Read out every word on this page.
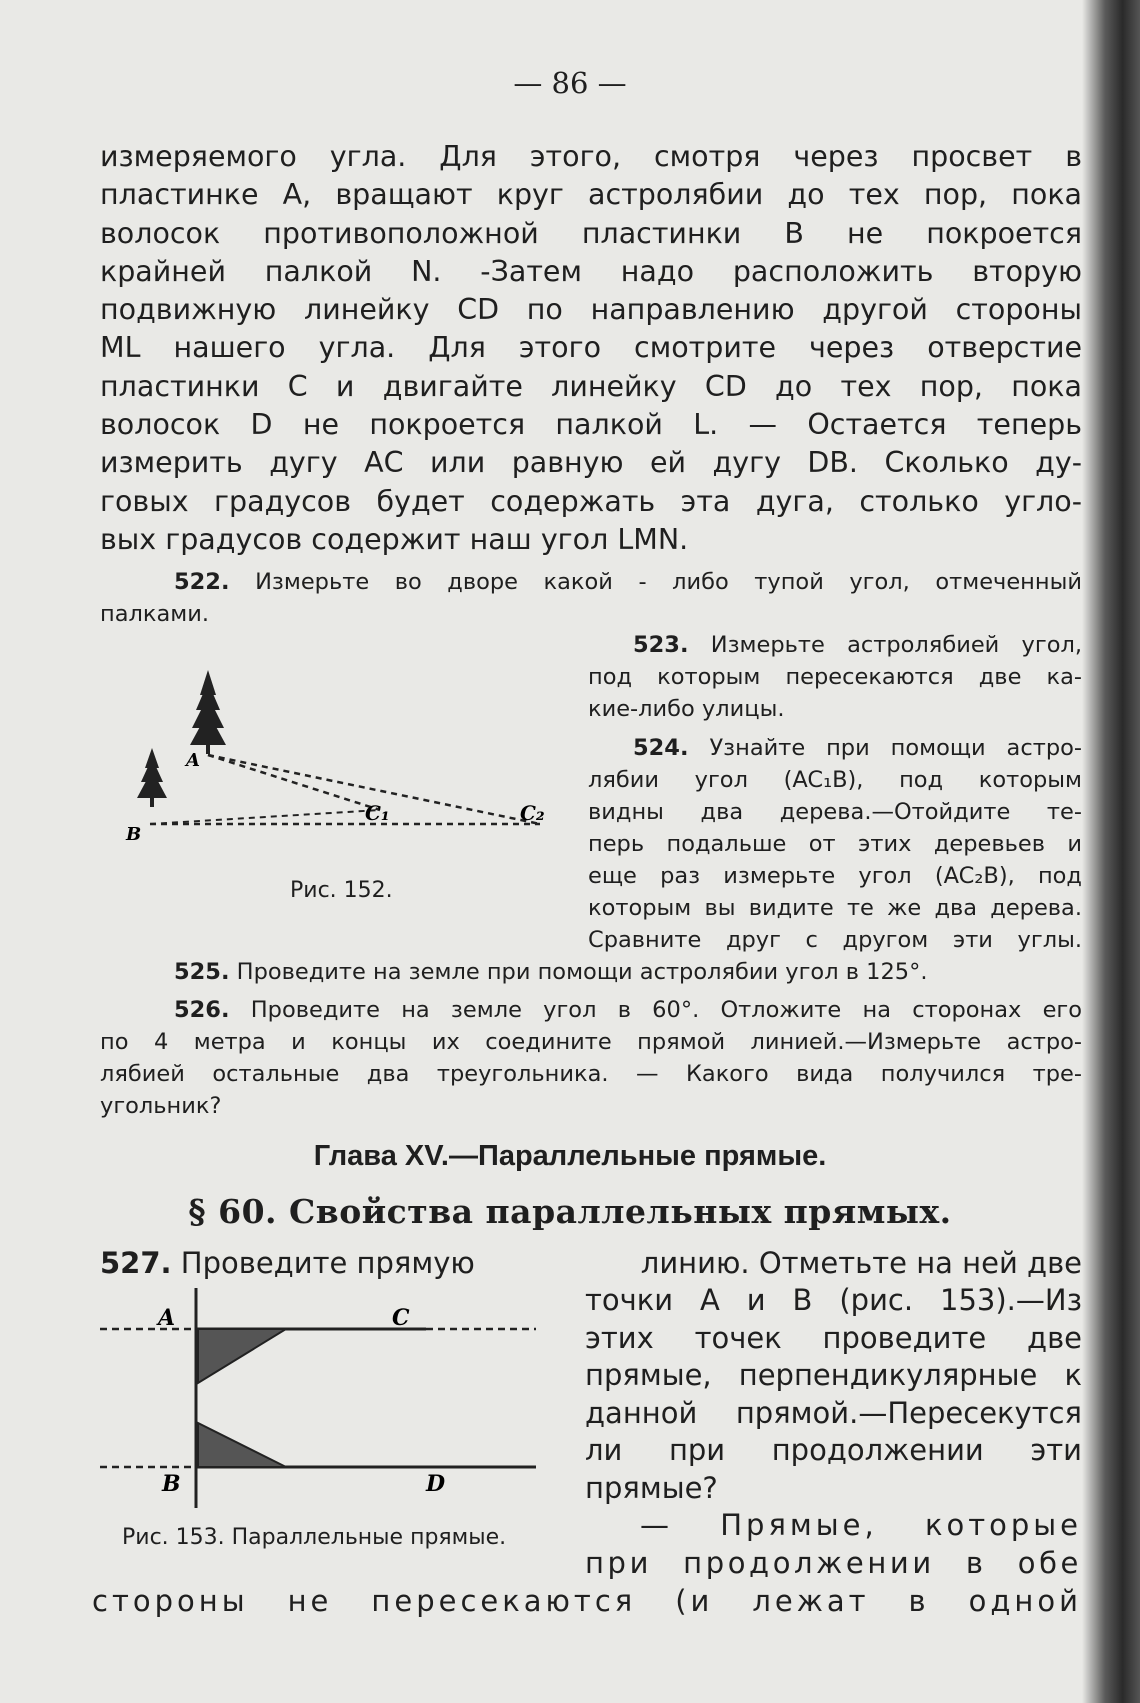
— 86 —
измеряемого угла. Для этого, смотря через просвет в
пластинке А, вращают круг астролябии до тех пор, пока
волосок противоположной пластинки В не покроется
крайней палкой N. -Затем надо расположить вторую
подвижную линейку CD по направлению другой стороны
ML нашего угла. Для этого смотрите через отверстие
пластинки С и двигайте линейку CD до тех пор, пока
волосок D не покроется палкой L. — Остается теперь
измерить дугу АС или равную ей дугу DB. Сколько ду-
говых градусов будет содержать эта дуга, столько угло-
вых градусов содержит наш угол LMN.

522. Измерьте во дворе какой - либо тупой угол, отмеченный

палками.

523. Измерьте астролябией угол,

под которым пересекаются две ка-

кие-либо улицы.

524. Узнайте при помощи астро-

лябии угол (AC₁B), под которым

видны два дерева.—Отойдите те-

перь подальше от этих деревьев и

еще раз измерьте угол (AC₂B), под

которым вы видите те же два дерева.

Сравните друг с другом эти углы.

A
B
C₁	C₂
Рис. 152.

525. Проведите на земле при помощи астролябии угол в 125°.

526. Проведите на земле угол в 60°. Отложите на сторонах его

по 4 метра и концы их соедините прямой линией.—Измерьте астро-

лябией остальные два треугольника. — Какого вида получился тре-

угольник?

Глава XV.—Параллельные прямые.
§ 60. Свойства параллельных прямых.
527. Проведите прямую	линию. Отметьте на ней две
точки А и В (рис. 153).—Из
этих точек проведите две
прямые, перпендикулярные к
данной прямой.—Пересекутся
ли при продолжении эти
прямые?
A	C
B	D
Рис. 153. Параллельные прямые.	— Прямые, которые
при продолжении в обе
стороны не пересекаются (и лежат в одной
